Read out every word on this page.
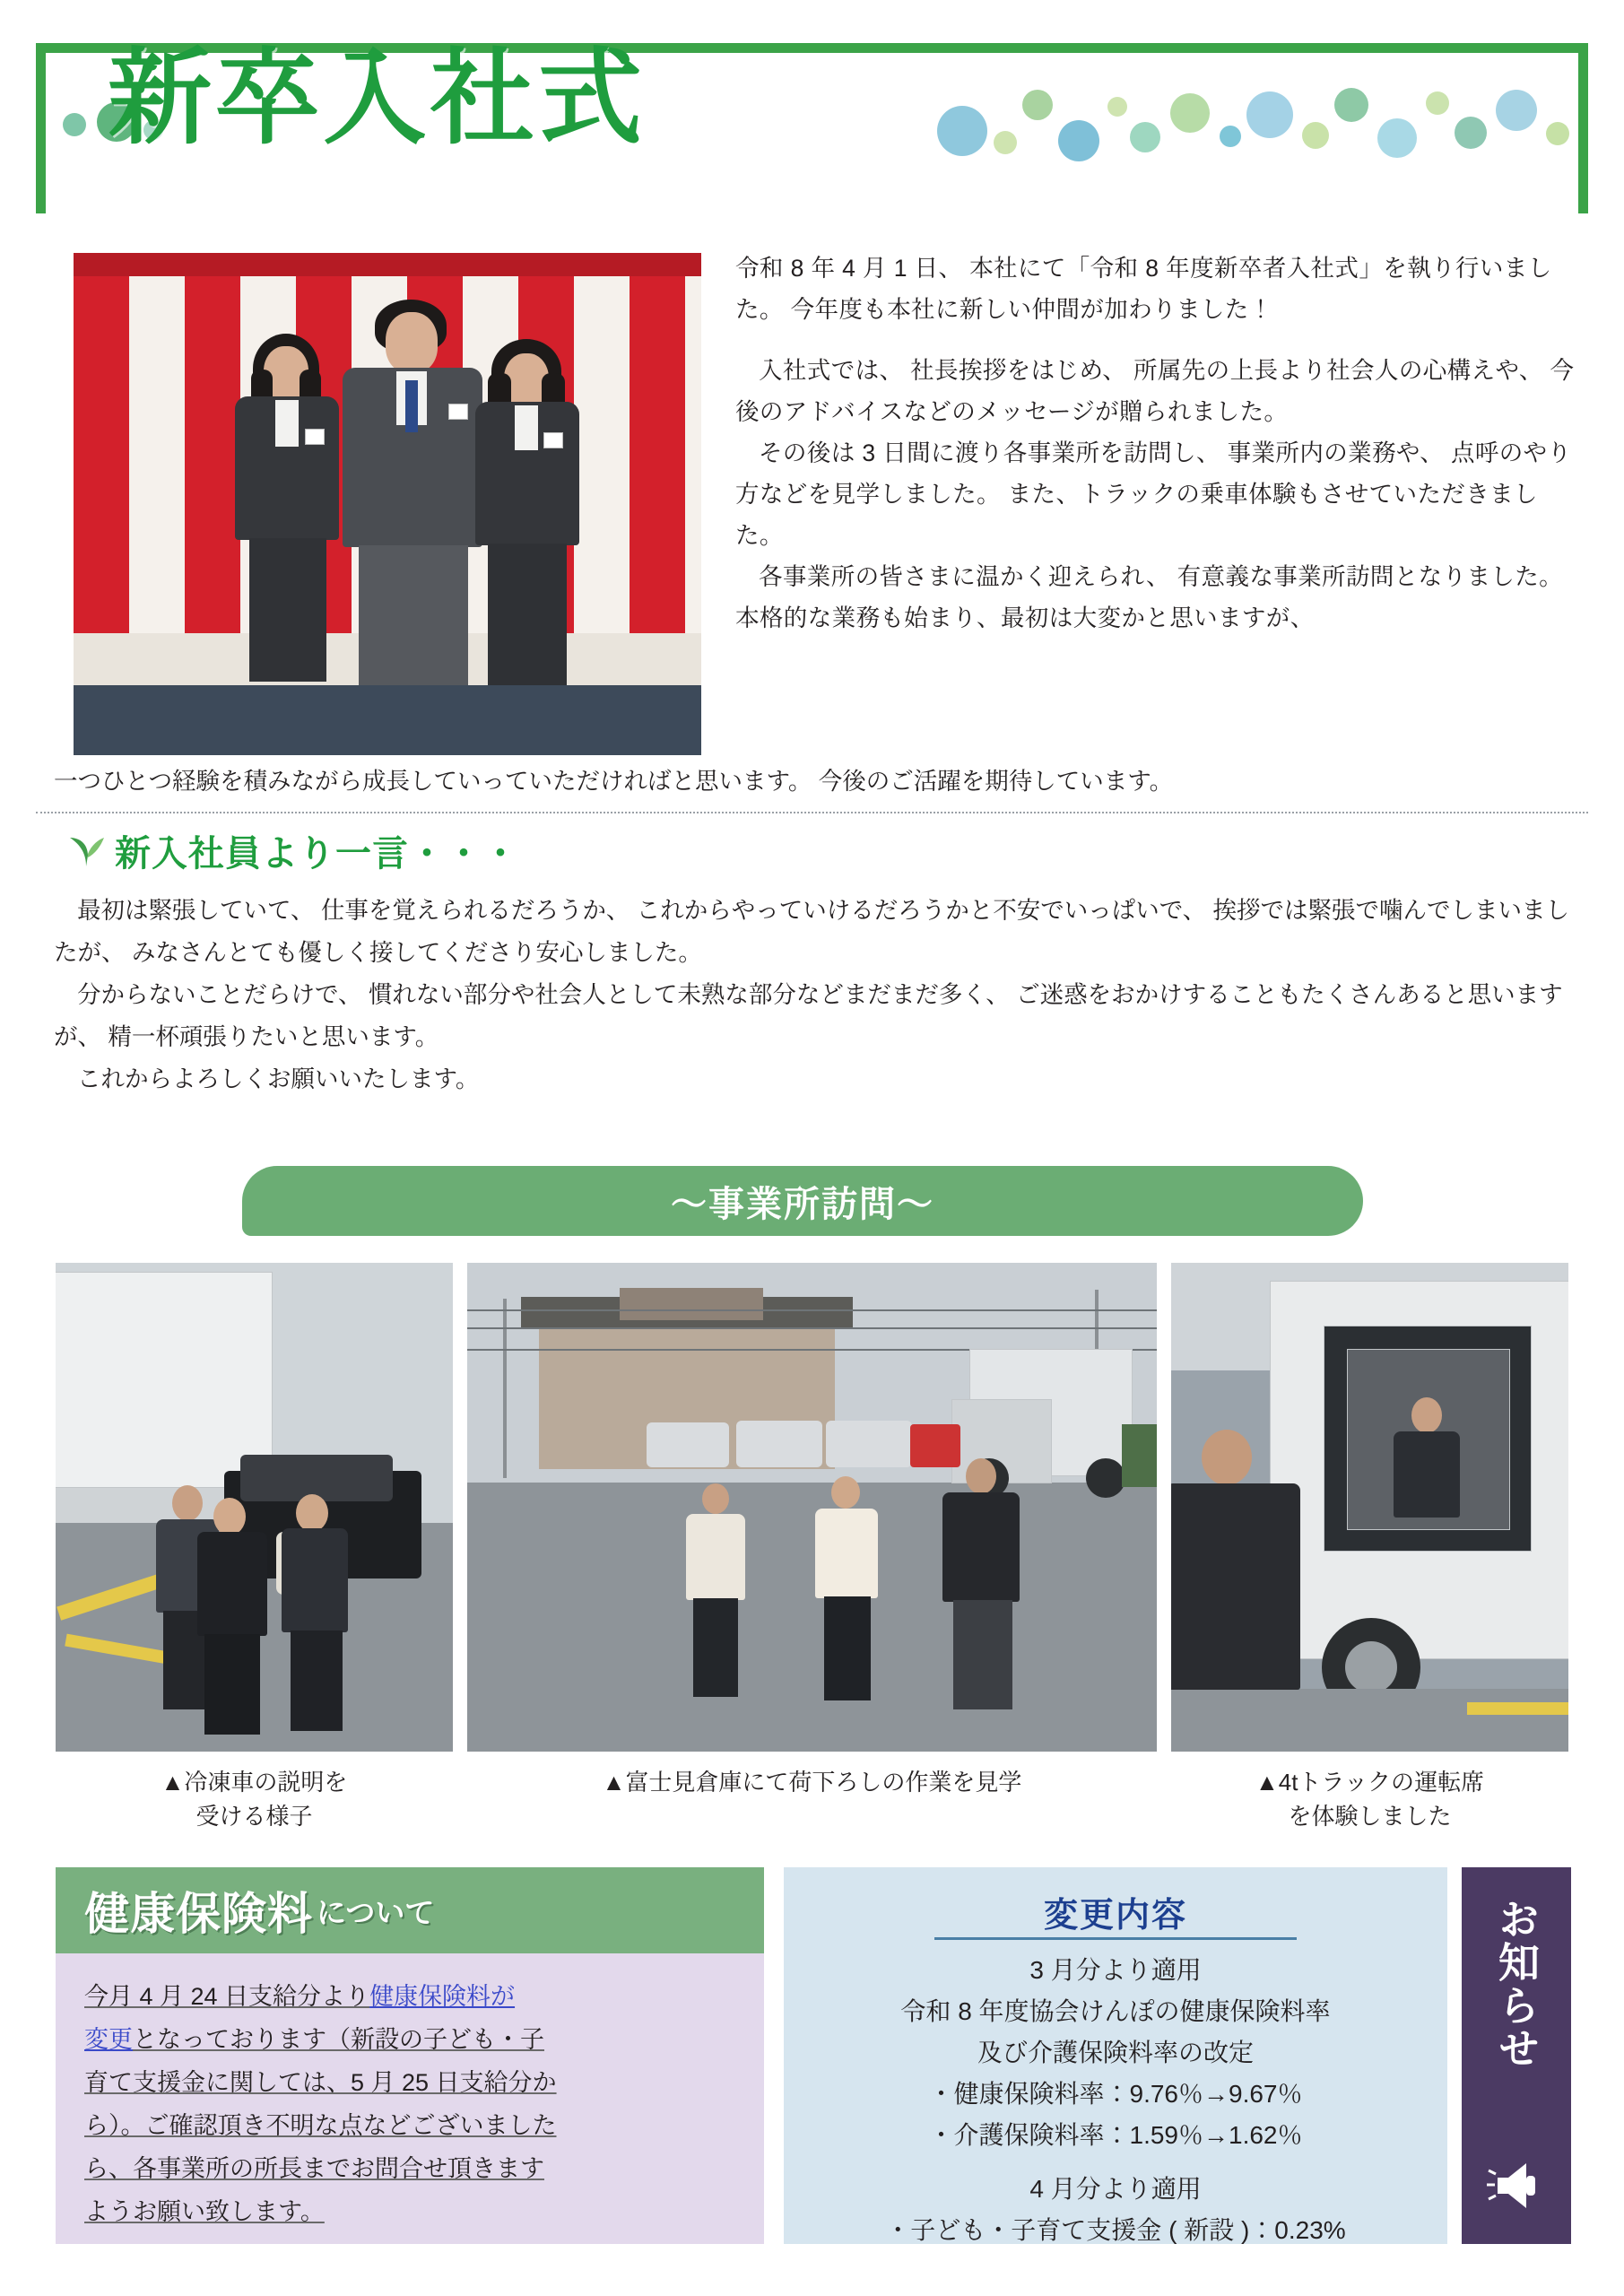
新卒入社式

令和 8 年 4 月 1 日、 本社にて「令和 8 年度新卒者入社式」を執り行いました。 今年度も本社に新しい仲間が加わりました！

入社式では、 社長挨拶をはじめ、 所属先の上長より社会人の心構えや、 今後のアドバイスなどのメッセージが贈られました。

その後は 3 日間に渡り各事業所を訪問し、 事業所内の業務や、 点呼のやり方などを見学しました。 また、トラックの乗車体験もさせていただきました。

各事業所の皆さまに温かく迎えられ、 有意義な事業所訪問となりました。本格的な業務も始まり、最初は大変かと思いますが、

一つひとつ経験を積みながら成長していっていただければと思います。 今後のご活躍を期待しています。
新入社員より一言・・・

最初は緊張していて、 仕事を覚えられるだろうか、 これからやっていけるだろうかと不安でいっぱいで、 挨拶では緊張で噛んでしまいましたが、 みなさんとても優しく接してくださり安心しました。

分からないことだらけで、 慣れない部分や社会人として未熟な部分などまだまだ多く、 ご迷惑をおかけすることもたくさんあると思いますが、 精一杯頑張りたいと思います。

これからよろしくお願いいたします。

〜事業所訪問〜
▲冷凍車の説明を
受ける様子
▲富士見倉庫にて荷下ろしの作業を見学	▲4tトラックの運転席
を体験しました
健康保険料 について
今月 4 月 24 日支給分より健康保険料が
変更となっております（新設の子ども・子
育て支援金に関しては、5 月 25 日支給分か
ら）。ご確認頂き不明な点などございました
ら、各事業所の所長までお問合せ頂きます
ようお願い致します。
変更内容
3 月分より適用
令和 8 年度協会けんぽの健康保険料率
及び介護保険料率の改定
・健康保険料率：9.76％→9.67％
・介護保険料率：1.59％→1.62％
4 月分より適用
・子ども・子育て支援金 ( 新設 )：0.23%
お知らせ
